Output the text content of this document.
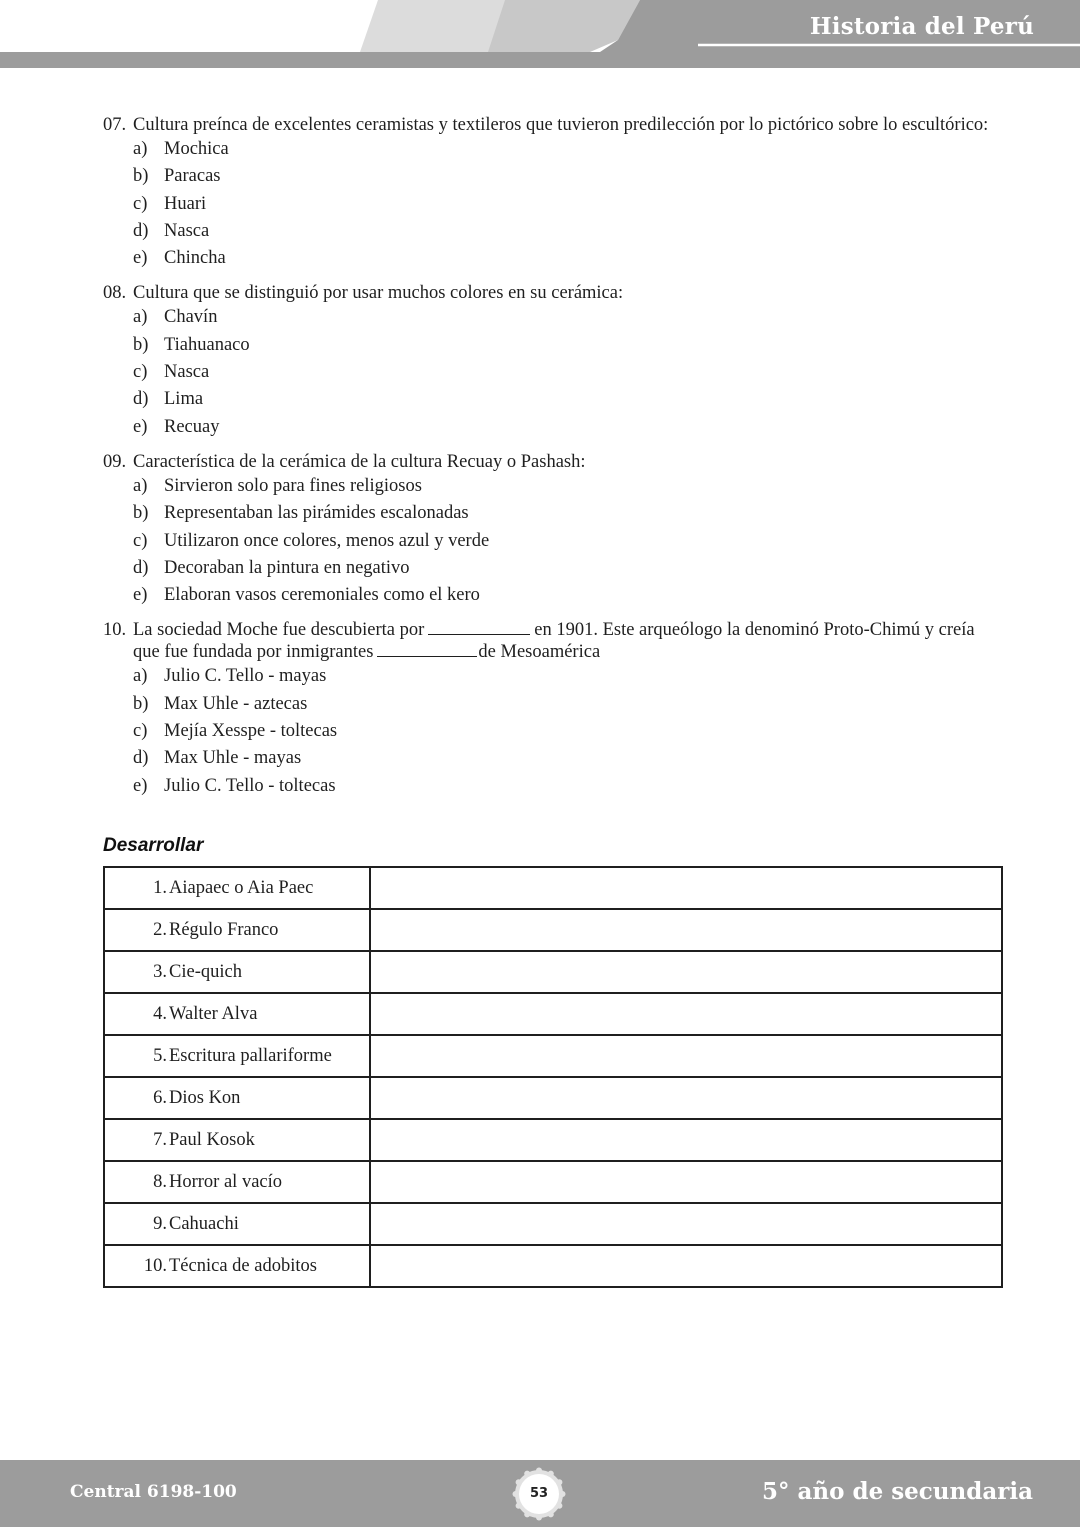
Historia del Perú
07. Cultura preínca de excelentes ceramistas y textileros que tuvieron predilección por lo pictórico sobre lo escultórico:
a) Mochica
b) Paracas
c) Huari
d) Nasca
e) Chincha
08. Cultura que se distinguió por usar muchos colores en su cerámica:
a) Chavín
b) Tiahuanaco
c) Nasca
d) Lima
e) Recuay
09. Característica de la cerámica de la cultura Recuay o Pashash:
a) Sirvieron solo para fines religiosos
b) Representaban las pirámides escalonadas
c) Utilizaron once colores, menos azul y verde
d) Decoraban la pintura en negativo
e) Elaboran vasos ceremoniales como el kero
10. La sociedad Moche fue descubierta por	en 1901. Este arqueólogo la denominó Proto-Chimú y creía que fue fundada por inmigrantes	de Mesoamérica
a) Julio C. Tello - mayas
b) Max Uhle - aztecas
c) Mejía Xesspe - toltecas
d) Max Uhle - mayas
e) Julio C. Tello - toltecas
Desarrollar
1. Aiapaec o Aia Paec	

2. Régulo Franco	

3. Cie-quich	

4. Walter Alva	

5. Escritura pallariforme	

6. Dios Kon	

7. Paul Kosok	

8. Horror al vacío	

9. Cahuachi	

10. Técnica de adobitos	

Central 6198-100	53	5° año de secundaria
